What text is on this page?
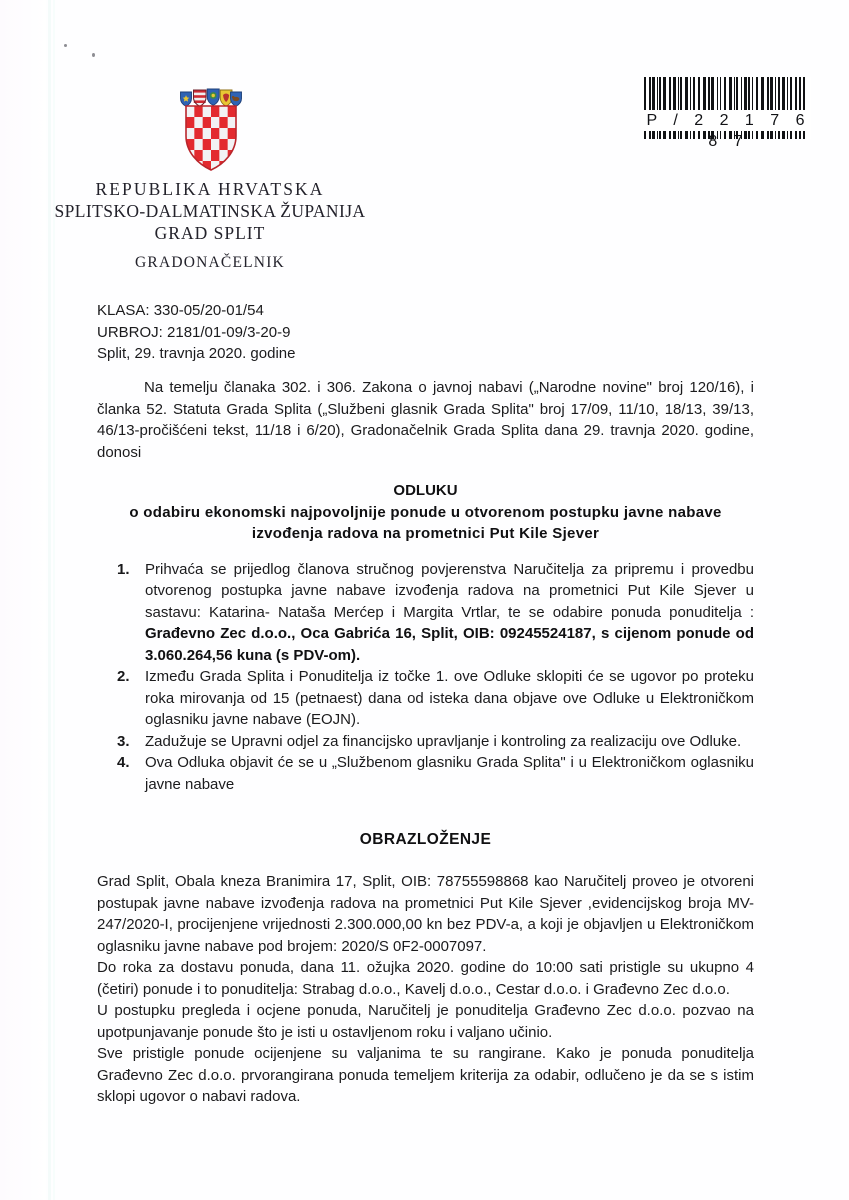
P / 2 2 1 7 6 8 7
REPUBLIKA HRVATSKA
SPLITSKO-DALMATINSKA ŽUPANIJA
GRAD SPLIT
GRADONAČELNIK
KLASA: 330-05/20-01/54
URBROJ: 2181/01-09/3-20-9
Split, 29. travnja 2020. godine

Na temelju članaka 302. i 306. Zakona o javnoj nabavi („Narodne novine" broj 120/16), i članka 52. Statuta Grada Splita („Službeni glasnik Grada Splita" broj 17/09, 11/10, 18/13, 39/13, 46/13-pročišćeni tekst, 11/18 i 6/20), Gradonačelnik Grada Splita dana 29. travnja 2020. godine, donosi

ODLUKU
o odabiru ekonomski najpovoljnije ponude u otvorenom postupku javne nabave
izvođenja radova na prometnici Put Kile Sjever
Prihvaća se prijedlog članova stručnog povjerenstva Naručitelja za pripremu i provedbu otvorenog postupka javne nabave izvođenja radova na prometnici Put Kile Sjever u sastavu: Katarina- Nataša Merćep i Margita Vrtlar, te se odabire ponuda ponuditelja : Građevno Zec d.o.o., Oca Gabrića 16, Split, OIB: 09245524187, s cijenom ponude od 3.060.264,56 kuna (s PDV-om).
Između Grada Splita i Ponuditelja iz točke 1. ove Odluke sklopiti će se ugovor po proteku roka mirovanja od 15 (petnaest) dana od isteka dana objave ove Odluke u Elektroničkom oglasniku javne nabave (EOJN).
Zadužuje se Upravni odjel za financijsko upravljanje i kontroling za realizaciju ove Odluke.
Ova Odluka objavit će se u „Službenom glasniku Grada Splita" i u Elektroničkom oglasniku javne nabave
OBRAZLOŽENJE

Grad Split, Obala kneza Branimira 17, Split, OIB: 78755598868 kao Naručitelj proveo je otvoreni postupak javne nabave izvođenja radova na prometnici Put Kile Sjever ,evidencijskog broja MV-247/2020-I, procijenjene vrijednosti 2.300.000,00 kn bez PDV-a, a koji je objavljen u Elektroničkom oglasniku javne nabave pod brojem: 2020/S 0F2-0007097.

Do roka za dostavu ponuda, dana 11. ožujka 2020. godine do 10:00 sati pristigle su ukupno 4 (četiri) ponude i to ponuditelja: Strabag d.o.o., Kavelj d.o.o., Cestar d.o.o. i Građevno Zec d.o.o.

U postupku pregleda i ocjene ponuda, Naručitelj je ponuditelja Građevno Zec d.o.o. pozvao na upotpunjavanje ponude što je isti u ostavljenom roku i valjano učinio.

Sve pristigle ponude ocijenjene su valjanima te su rangirane. Kako je ponuda ponuditelja Građevno Zec d.o.o. prvorangirana ponuda temeljem kriterija za odabir, odlučeno je da se s istim sklopi ugovor o nabavi radova.
